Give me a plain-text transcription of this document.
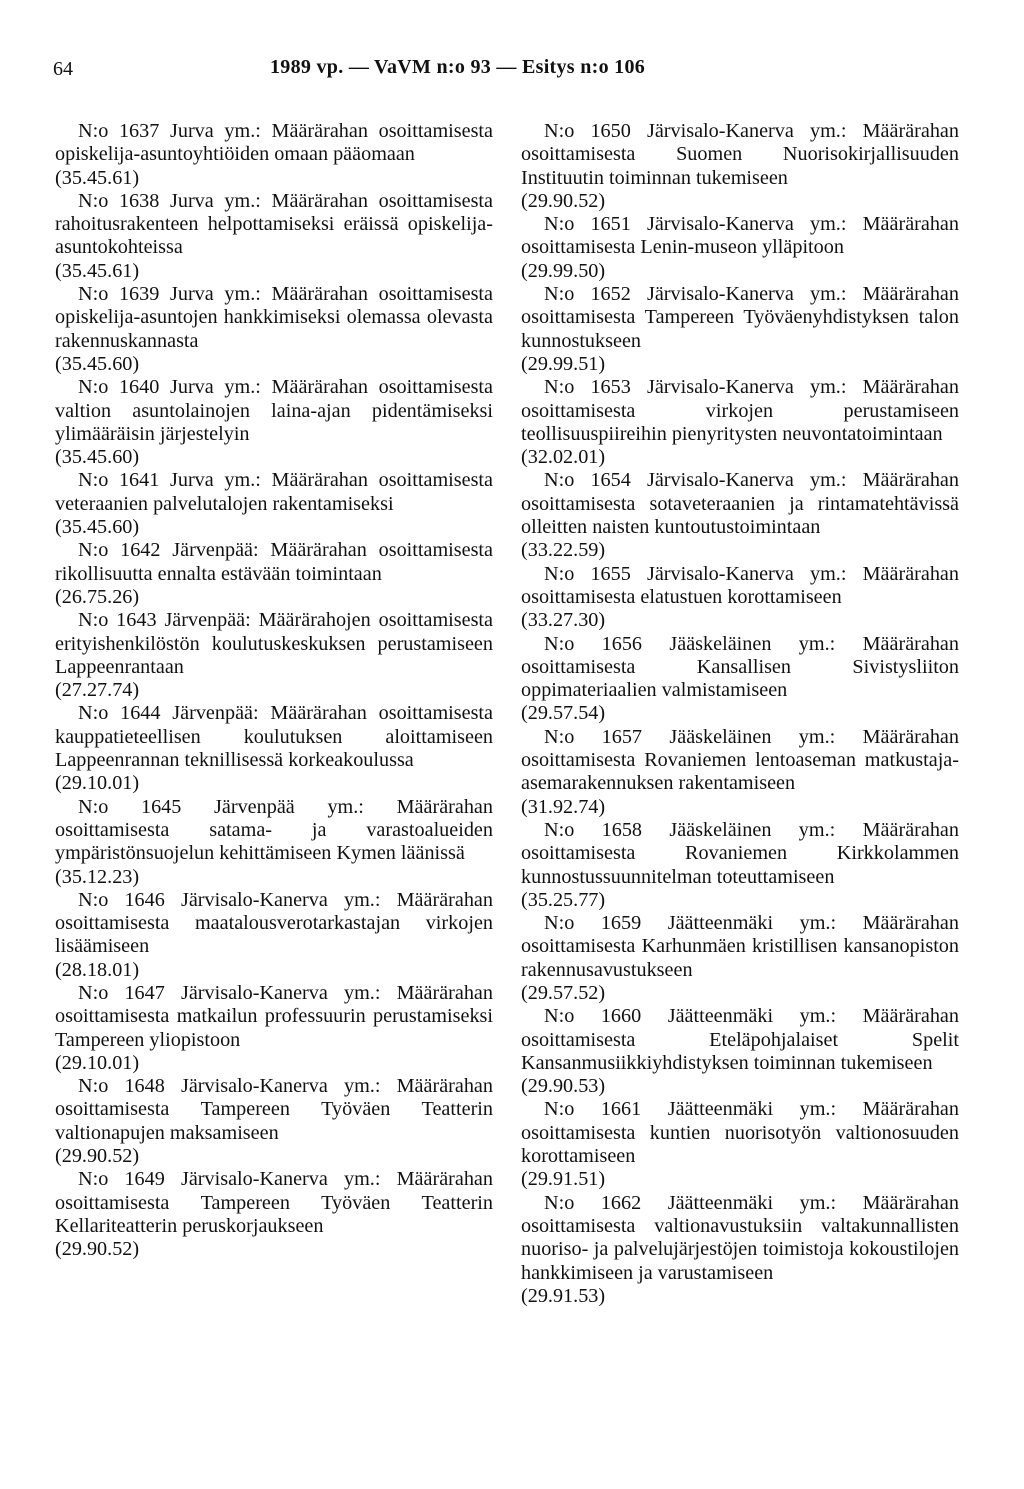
64	1989 vp. — VaVM n:o 93 — Esitys n:o 106

N:o 1637 Jurva ym.: Määrärahan osoittamisesta opiskelija-asuntoyhtiöiden omaan pääomaan

(35.45.61)

N:o 1638 Jurva ym.: Määrärahan osoittamisesta rahoitusrakenteen helpottamiseksi eräissä opiskelija-asuntokohteissa

(35.45.61)

N:o 1639 Jurva ym.: Määrärahan osoittamisesta opiskelija-asuntojen hankkimiseksi olemassa olevasta rakennuskannasta

(35.45.60)

N:o 1640 Jurva ym.: Määrärahan osoittamisesta valtion asuntolainojen laina-ajan pidentämiseksi ylimääräisin järjestelyin

(35.45.60)

N:o 1641 Jurva ym.: Määrärahan osoittamisesta veteraanien palvelutalojen rakentamiseksi

(35.45.60)

N:o 1642 Järvenpää: Määrärahan osoittamisesta rikollisuutta ennalta estävään toimintaan

(26.75.26)

N:o 1643 Järvenpää: Määrärahojen osoittamisesta erityishenkilöstön koulutuskeskuksen perustamiseen Lappeenrantaan

(27.27.74)

N:o 1644 Järvenpää: Määrärahan osoittamisesta kauppatieteellisen koulutuksen aloittamiseen Lappeenrannan teknillisessä korkeakoulussa

(29.10.01)

N:o 1645 Järvenpää ym.: Määrärahan osoittamisesta satama- ja varastoalueiden ympäristönsuojelun kehittämiseen Kymen läänissä

(35.12.23)

N:o 1646 Järvisalo-Kanerva ym.: Määrärahan osoittamisesta maatalousverotarkastajan virkojen lisäämiseen

(28.18.01)

N:o 1647 Järvisalo-Kanerva ym.: Määrärahan osoittamisesta matkailun professuurin perustamiseksi Tampereen yliopistoon

(29.10.01)

N:o 1648 Järvisalo-Kanerva ym.: Määrärahan osoittamisesta Tampereen Työväen Teatterin valtionapujen maksamiseen

(29.90.52)

N:o 1649 Järvisalo-Kanerva ym.: Määrärahan osoittamisesta Tampereen Työväen Teatterin Kellariteatterin peruskorjaukseen

(29.90.52)

N:o 1650 Järvisalo-Kanerva ym.: Määrärahan osoittamisesta Suomen Nuorisokirjallisuuden Instituutin toiminnan tukemiseen

(29.90.52)

N:o 1651 Järvisalo-Kanerva ym.: Määrärahan osoittamisesta Lenin-museon ylläpitoon

(29.99.50)

N:o 1652 Järvisalo-Kanerva ym.: Määrärahan osoittamisesta Tampereen Työväenyhdistyksen talon kunnostukseen

(29.99.51)

N:o 1653 Järvisalo-Kanerva ym.: Määrärahan osoittamisesta virkojen perustamiseen teollisuuspiireihin pienyritysten neuvontatoimintaan

(32.02.01)

N:o 1654 Järvisalo-Kanerva ym.: Määrärahan osoittamisesta sotaveteraanien ja rintamatehtävissä olleitten naisten kuntoutustoimintaan

(33.22.59)

N:o 1655 Järvisalo-Kanerva ym.: Määrärahan osoittamisesta elatustuen korottamiseen

(33.27.30)

N:o 1656 Jääskeläinen ym.: Määrärahan osoittamisesta Kansallisen Sivistysliiton oppimateriaalien valmistamiseen

(29.57.54)

N:o 1657 Jääskeläinen ym.: Määrärahan osoittamisesta Rovaniemen lentoaseman matkustaja-asemarakennuksen rakentamiseen

(31.92.74)

N:o 1658 Jääskeläinen ym.: Määrärahan osoittamisesta Rovaniemen Kirkkolammen kunnostussuunnitelman toteuttamiseen

(35.25.77)

N:o 1659 Jäätteenmäki ym.: Määrärahan osoittamisesta Karhunmäen kristillisen kansanopiston rakennusavustukseen

(29.57.52)

N:o 1660 Jäätteenmäki ym.: Määrärahan osoittamisesta Eteläpohjalaiset Spelit Kansanmusiikkiyhdistyksen toiminnan tukemiseen

(29.90.53)

N:o 1661 Jäätteenmäki ym.: Määrärahan osoittamisesta kuntien nuorisotyön valtionosuuden korottamiseen

(29.91.51)

N:o 1662 Jäätteenmäki ym.: Määrärahan osoittamisesta valtionavustuksiin valtakunnallisten nuoriso- ja palvelujärjestöjen toimistoja kokoustilojen hankkimiseen ja varustamiseen

(29.91.53)
